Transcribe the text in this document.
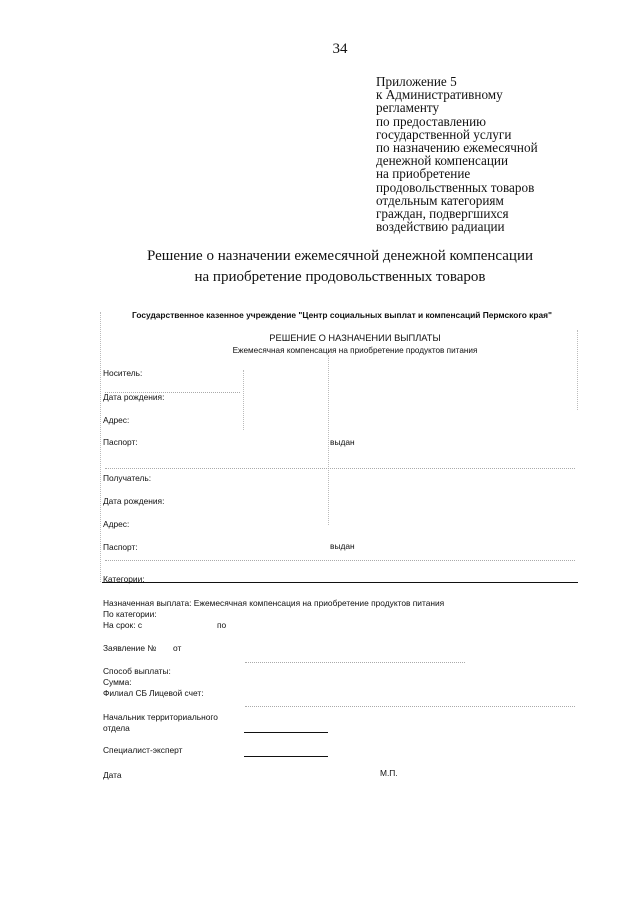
34
Приложение 5
к Административному
регламенту
по предоставлению
государственной услуги
по назначению ежемесячной
денежной компенсации
на приобретение
продовольственных товаров
отдельным категориям
граждан, подвергшихся
воздействию радиации
Решение о назначении ежемесячной денежной компенсации
на приобретение продовольственных товаров
Государственное казенное учреждение "Центр социальных выплат и компенсаций Пермского края"
РЕШЕНИЕ О НАЗНАЧЕНИИ ВЫПЛАТЫ
Ежемесячная компенсация на приобретение продуктов питания
Носитель:
Дата рождения:
Адрес:
Паспорт:	выдан
Получатель:
Дата рождения:
Адрес:
Паспорт:	выдан
Категории:
Назначенная выплата: Ежемесячная компенсация на приобретение продуктов питания
По категории:
На срок: с	по
Заявление № от
Способ выплаты:
Сумма:
Филиал СБ Лицевой счет:
Начальник территориального
отдела
Специалист-эксперт
Дата	М.П.
